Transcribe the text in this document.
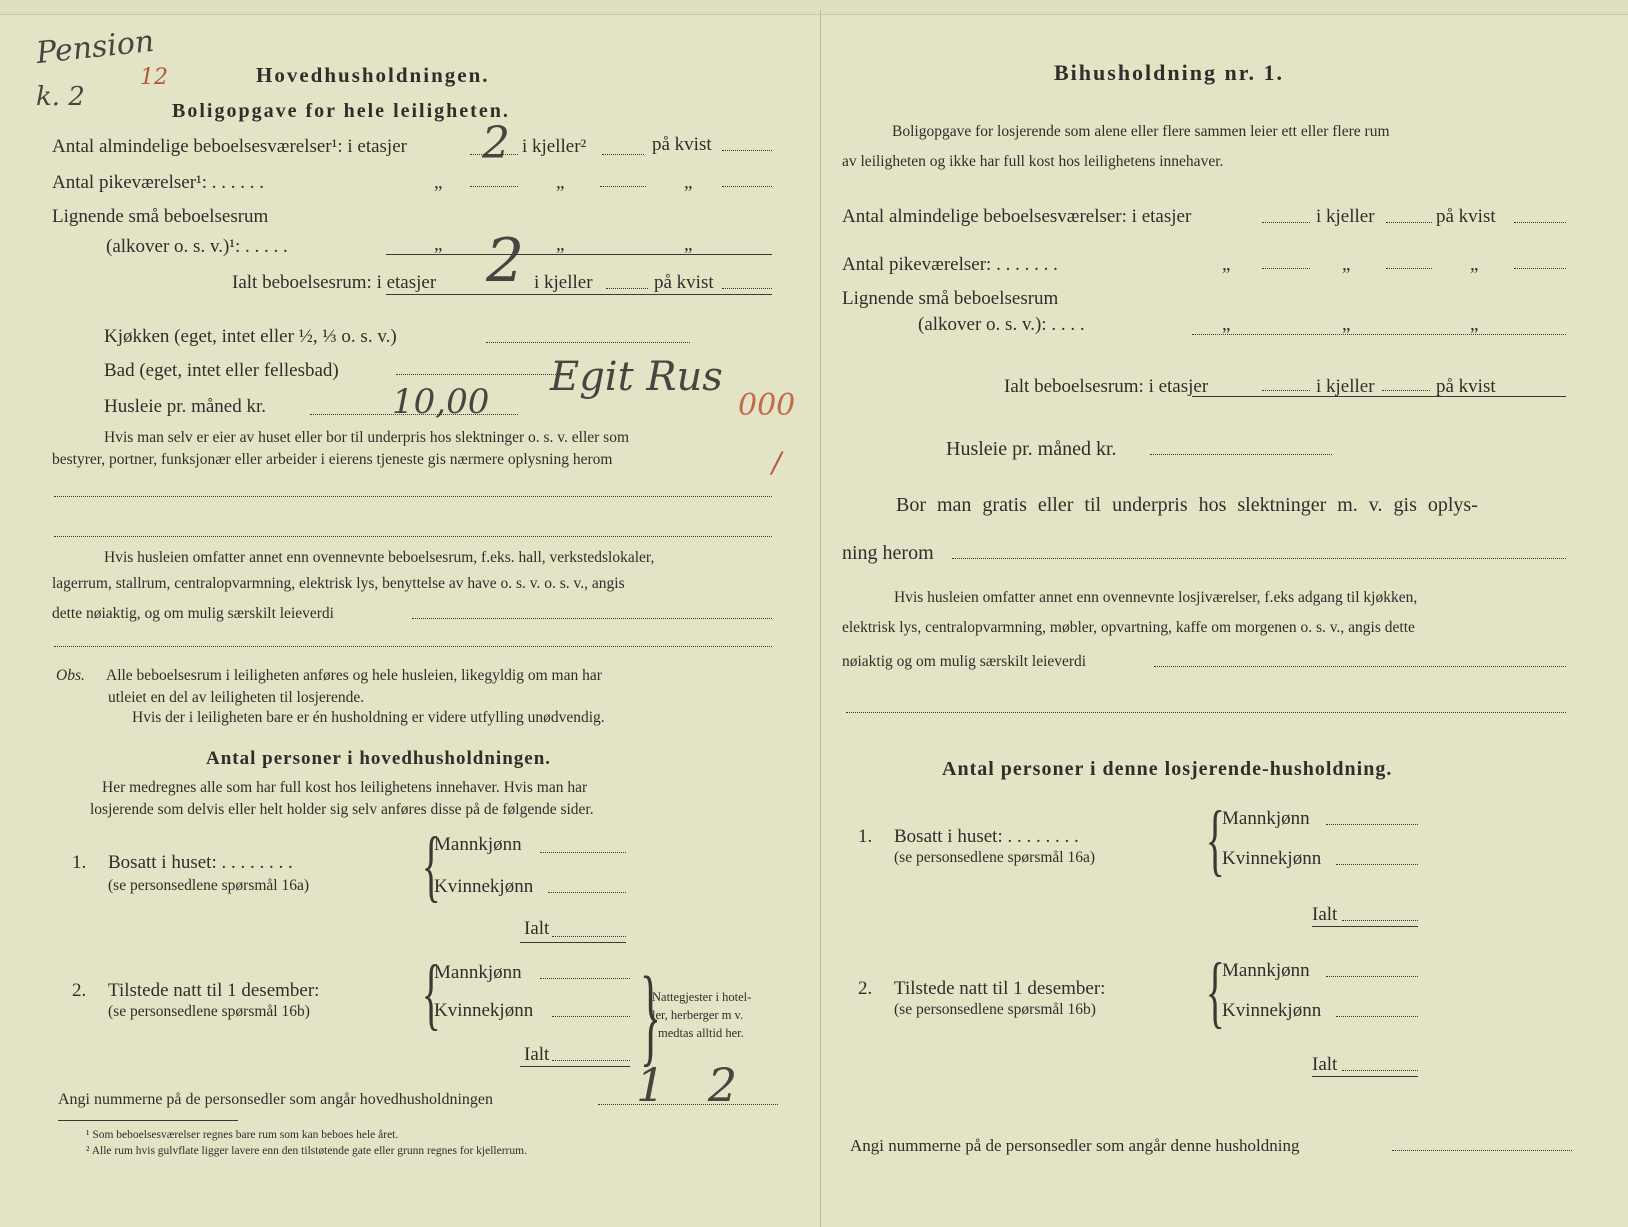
Pension
k. 2
12	Hovedhusholdningen.
Boligopgave for hele leiligheten.
Antal almindelige beboelsesværelser¹: i etasjer 2 i kjeller²	på kvist
Antal pikeværelser¹: . . . . . .	„	„	„
Lignende små beboelsesrum
(alkover o. s. v.)¹: . . . . .	„	„	„
Ialt beboelsesrum: i etasjer 2 i kjeller	på kvist
Kjøkken (eget, intet eller ½, ⅓ o. s. v.)
Bad (eget, intet eller fellesbad)	Egit Rus
Husleie pr. måned kr.	10,00	000
Hvis man selv er eier av huset eller bor til underpris hos slektninger o. s. v. eller som
bestyrer, portner, funksjonær eller arbeider i eierens tjeneste gis nærmere oplysning herom	/
Hvis husleien omfatter annet enn ovennevnte beboelsesrum, f.eks. hall, verkstedslokaler,
lagerrum, stallrum, centralopvarmning, elektrisk lys, benyttelse av have o. s. v. o. s. v., angis
dette nøiaktig, og om mulig særskilt leieverdi
Obs. Alle beboelsesrum i leiligheten anføres og hele husleien, likegyldig om man har
utleiet en del av leiligheten til losjerende.
Hvis der i leiligheten bare er én husholdning er videre utfylling unødvendig.
Antal personer i hovedhusholdningen.
Her medregnes alle som har full kost hos leilighetens innehaver. Hvis man har
losjerende som delvis eller helt holder sig selv anføres disse på de følgende sider.
1. Bosatt i huset: . . . . . . . .
(se personsedlene spørsmål 16a) {
Mannkjønn
Kvinnekjønn
Ialt
2. Tilstede natt til 1 desember:
(se personsedlene spørsmål 16b) {
Mannkjønn
Kvinnekjønn
Ialt }
Nattegjester i hotel-
ler, herberger m v.
medtas alltid her.
Angi nummerne på de personsedler som angår hovedhusholdningen	1 2
¹ Som beboelsesværelser regnes bare rum som kan beboes hele året.
² Alle rum hvis gulvflate ligger lavere enn den tilstøtende gate eller grunn regnes for kjellerrum.
Bihusholdning nr. 1.
Boligopgave for losjerende som alene eller flere sammen leier ett eller flere rum
av leiligheten og ikke har full kost hos leilighetens innehaver.
Antal almindelige beboelsesværelser: i etasjer	i kjeller	på kvist
Antal pikeværelser: . . . . . . .	„	„	„
Lignende små beboelsesrum
(alkover o. s. v.): . . . .	„	„	„
Ialt beboelsesrum: i etasjer	i kjeller	på kvist
Husleie pr. måned kr.
Bor man gratis eller til underpris hos slektninger m. v. gis oplys-
ning herom
Hvis husleien omfatter annet enn ovennevnte losjiværelser, f.eks adgang til kjøkken,
elektrisk lys, centralopvarmning, møbler, opvartning, kaffe om morgenen o. s. v., angis dette
nøiaktig og om mulig særskilt leieverdi
Antal personer i denne losjerende-husholdning.
1. Bosatt i huset: . . . . . . . .
(se personsedlene spørsmål 16a) {
Mannkjønn
Kvinnekjønn
Ialt
2. Tilstede natt til 1 desember:
(se personsedlene spørsmål 16b) {
Mannkjønn
Kvinnekjønn
Ialt
Angi nummerne på de personsedler som angår denne husholdning
